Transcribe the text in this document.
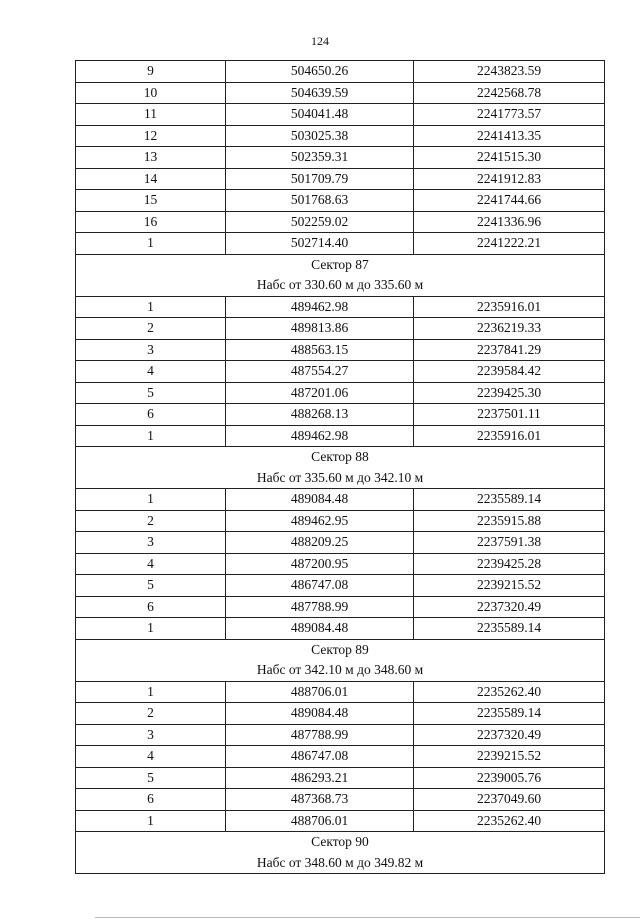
124
9	504650.26	2243823.59
10	504639.59	2242568.78
11	504041.48	2241773.57
12	503025.38	2241413.35
13	502359.31	2241515.30
14	501709.79	2241912.83
15	501768.63	2241744.66
16	502259.02	2241336.96
1	502714.40	2241222.21

Сектор 87
Набс от 330.60 м до 335.60 м		

1	489462.98	2235916.01
2	489813.86	2236219.33
3	488563.15	2237841.29
4	487554.27	2239584.42
5	487201.06	2239425.30
6	488268.13	2237501.11
1	489462.98	2235916.01

Сектор 88
Набс от 335.60 м до 342.10 м		

1	489084.48	2235589.14
2	489462.95	2235915.88
3	488209.25	2237591.38
4	487200.95	2239425.28
5	486747.08	2239215.52
6	487788.99	2237320.49
1	489084.48	2235589.14

Сектор 89
Набс от 342.10 м до 348.60 м		

1	488706.01	2235262.40
2	489084.48	2235589.14
3	487788.99	2237320.49
4	486747.08	2239215.52
5	486293.21	2239005.76
6	487368.73	2237049.60
1	488706.01	2235262.40

Сектор 90
Набс от 348.60 м до 349.82 м		
